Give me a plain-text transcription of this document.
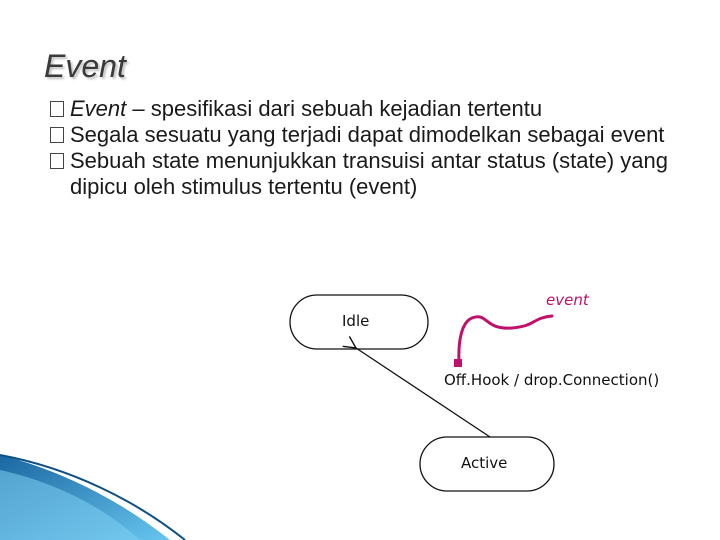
Event

Event – spesifikasi dari sebuah kejadian tertentu

Segala sesuatu yang terjadi dapat dimodelkan sebagai event

Sebuah state menunjukkan transuisi antar status (state) yang dipicu oleh stimulus tertentu (event)

Idle
Active
Off.Hook / drop.Connection()
event
